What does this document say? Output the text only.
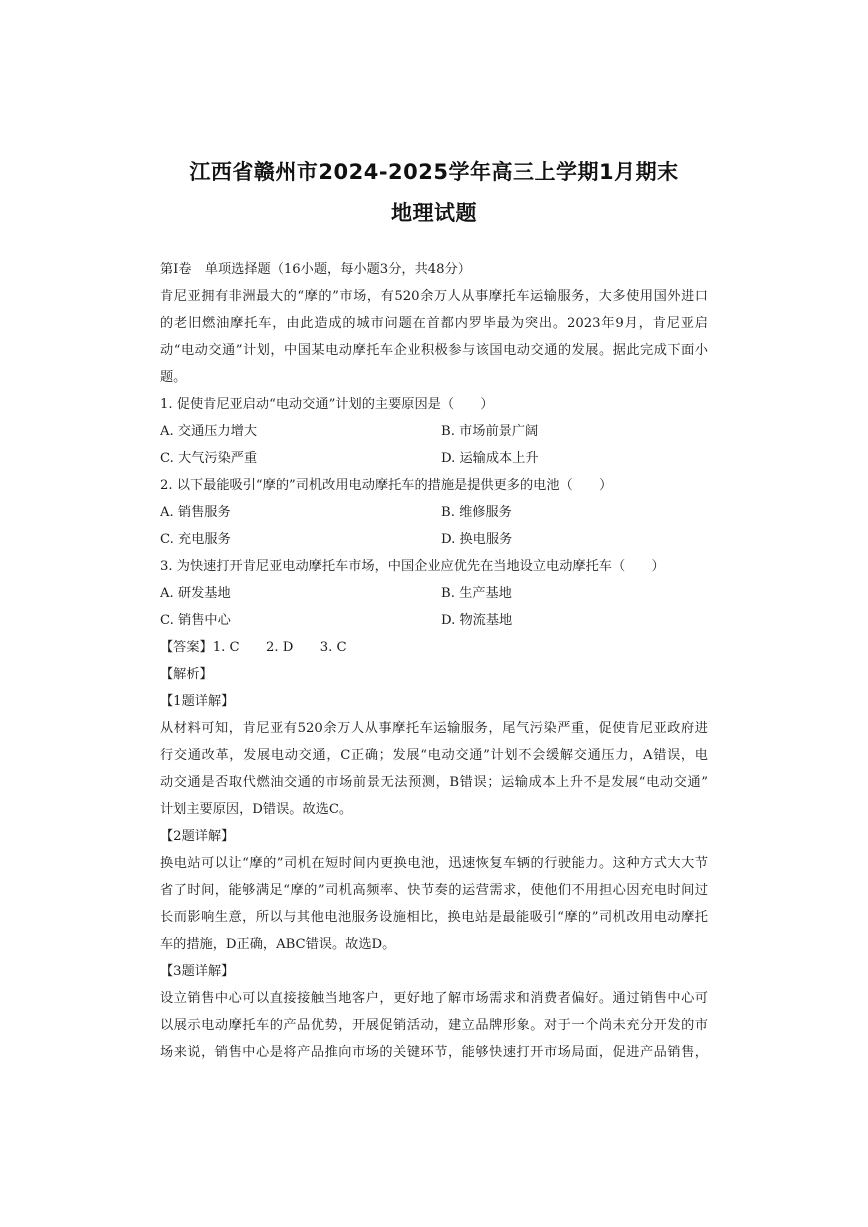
江西省赣州市2024-2025学年高三上学期1月期末
地理试题
第Ⅰ卷　单项选择题（16小题，每小题3分，共48分）
肯尼亚拥有非洲最大的“摩的”市场，有520余万人从事摩托车运输服务，大多使用国外进口
的老旧燃油摩托车，由此造成的城市问题在首都内罗毕最为突出。2023年9月，肯尼亚启
动“电动交通”计划，中国某电动摩托车企业积极参与该国电动交通的发展。据此完成下面小
题。
1. 促使肯尼亚启动“电动交通”计划的主要原因是（　　）
A. 交通压力增大	B. 市场前景广阔
C. 大气污染严重	D. 运输成本上升
2. 以下最能吸引“摩的”司机改用电动摩托车的措施是提供更多的电池（　　）
A. 销售服务	B. 维修服务
C. 充电服务	D. 换电服务
3. 为快速打开肯尼亚电动摩托车市场，中国企业应优先在当地设立电动摩托车（　　）
A. 研发基地	B. 生产基地
C. 销售中心	D. 物流基地
【答案】1. C　　2. D　　3. C
【解析】
【1题详解】
从材料可知，肯尼亚有520余万人从事摩托车运输服务，尾气污染严重，促使肯尼亚政府进
行交通改革，发展电动交通，C正确；发展“电动交通”计划不会缓解交通压力，A错误，电
动交通是否取代燃油交通的市场前景无法预测，B错误；运输成本上升不是发展“电动交通”
计划主要原因，D错误。故选C。
【2题详解】
换电站可以让“摩的”司机在短时间内更换电池，迅速恢复车辆的行驶能力。这种方式大大节
省了时间，能够满足“摩的”司机高频率、快节奏的运营需求，使他们不用担心因充电时间过
长而影响生意，所以与其他电池服务设施相比，换电站是最能吸引“摩的”司机改用电动摩托
车的措施，D正确，ABC错误。故选D。
【3题详解】
设立销售中心可以直接接触当地客户，更好地了解市场需求和消费者偏好。通过销售中心可
以展示电动摩托车的产品优势，开展促销活动，建立品牌形象。对于一个尚未充分开发的市
场来说，销售中心是将产品推向市场的关键环节，能够快速打开市场局面，促进产品销售，
